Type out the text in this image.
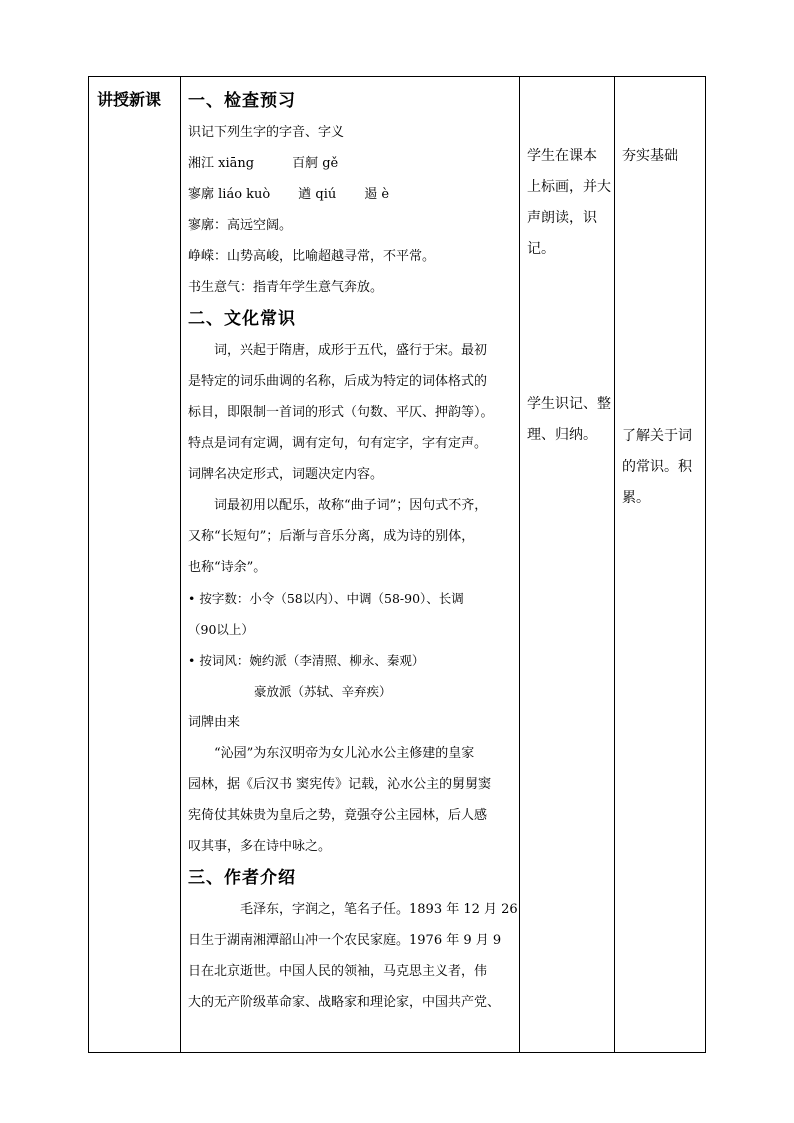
讲授新课 一、检查预习
识记下列生字的字音、字义
湘江 xiāng	百舸 gě
寥廓 liáo kuò 遒 qiú 遏 è
寥廓：高远空阔。
峥嵘：山势高峻，比喻超越寻常，不平常。
书生意气：指青年学生意气奔放。
二、文化常识
词，兴起于隋唐，成形于五代，盛行于宋。最初
是特定的词乐曲调的名称，后成为特定的词体格式的
标目，即限制一首词的形式（句数、平仄、押韵等）。
特点是词有定调，调有定句，句有定字，字有定声。
词牌名决定形式，词题决定内容。
词最初用以配乐，故称“曲子词”；因句式不齐，
又称“长短句”；后渐与音乐分离，成为诗的别体，
也称“诗余”。
• 按字数：小令（58以内）、中调（58-90）、长调
（90以上）
• 按词风：婉约派（李清照、柳永、秦观）
豪放派（苏轼、辛弃疾）
词牌由来
“沁园”为东汉明帝为女儿沁水公主修建的皇家
园林，据《后汉书 窦宪传》记载，沁水公主的舅舅窦
宪倚仗其妹贵为皇后之势，竟强夺公主园林，后人感
叹其事，多在诗中咏之。
三、作者介绍
毛泽东，字润之，笔名子任。1893 年 12 月 26
日生于湖南湘潭韶山冲一个农民家庭。1976 年 9 月 9
日在北京逝世。中国人民的领袖，马克思主义者，伟
大的无产阶级革命家、战略家和理论家，中国共产党、
学生在课本
上标画，并大
声朗读，识记。
学生识记、整
理、归纳。
夯实基础
了解关于词
的常识。积累。
